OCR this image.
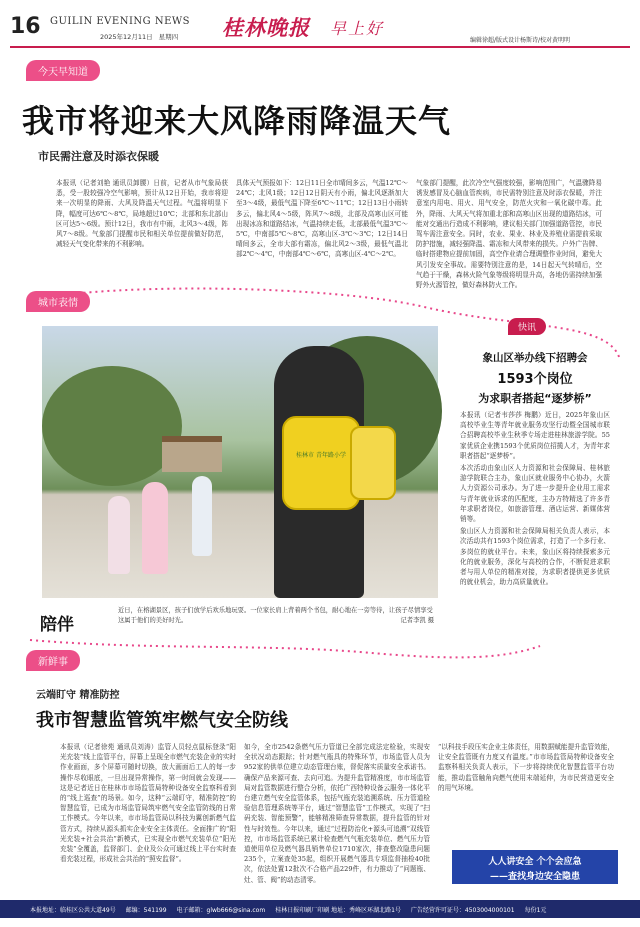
16 GUILIN EVENING NEWS
2025年12月11日 星期四 桂林晚报 早上好
编辑徐超/版式设计杨斯诗/校对黄明明
今天早知道
我市将迎来大风降雨降温天气
市民需注意及时添衣保暖
本报讯（记者刘艳 通讯员卸腰）日前，记者从市气象局获悉，受一股较强冷空气影响，预计从12日开始，我市将迎来一次明显的降雨、大风及降温天气过程。气温将明显下降，幅度可达6℃～8℃，局地超过10℃；北部和东北部山区可达5～6级。预计12日，我市有中雨，北风3～4级，阵风7～8级。气象部门提醒市民和相关单位提前做好防范，减轻天气变化带来的不利影响。
具体天气预报如下：12日11日全市晴间多云，气温12℃～24℃；北风1级；12日12日阴天有小雨，偏北风逐渐加大至3～4级，最低气温下降至6℃～11℃；12日13日小雨转多云，偏北风4～5级，阵风7～8级，北部及高寒山区可能出现冰冻和道路结冰，气温持续走低，北部最低气温3℃～5℃，中南部5℃～8℃，高寒山区-3℃～3℃；12日14日晴间多云，全市大部有霜冻，偏北风2～3级，最低气温北部2℃～4℃，中南部4℃～6℃，高寒山区-4℃～2℃。
气象部门提醒，此次冷空气强度较强，影响范围广，气温骤降易诱发感冒及心脑血管疾病，市民需特别注意及时添衣保暖，并注意室内用电、用火、用气安全，防范火灾和一氧化碳中毒。此外，降雨、大风天气将加重北部和高寒山区出现的道路结冰，可能对交通出行造成不利影响，建议相关部门加强道路管控，市民驾车需注意安全。同时，农业、果业、林业及养殖业需提前采取防护措施，减轻强降温、霜冻和大风带来的损失。户外广告牌、临时搭建物应提前加固，高空作业请合理调整作业时间，避免大风引发安全事故。需要特别注意的是，14日起天气转晴后，空气趋于干燥，森林火险气象等级将明显升高，各地仍需持续加强野外火源管控，做好森林防火工作。
城市表情
桂林市 青年路小学
陪伴
近日，在榕湖景区，孩子们放学后欢乐地玩耍。一位家长肩上背着两个书包，耐心地在一旁等待，让孩子尽情享受这属于他们的美好时光。	记者李凯 摄
快讯
象山区举办线下招聘会
1593个岗位
为求职者搭起“逐梦桥”

本报讯（记者韦莎莎 梅鹏）近日，2025年象山区高校毕业生等青年就业服务攻坚行动暨全国城市联合招聘高校毕业生秋季专场走进桂林旅游学院。55家优质企业携1593个优质岗位招揽人才，为青年求职者搭起“逐梦桥”。

本次活动由象山区人力资源和社会保障局、桂林旅游学院联合主办，象山区就业服务中心协办，火箭人力资源公司承办。为了进一步提升企业用工需求与青年就业诉求的匹配度，主办方特精选了许多青年求职者岗位，如旅游管理、酒店运营、新媒体营销等。

象山区人力资源和社会保障局相关负责人表示，本次活动共有1593个岗位需求，打造了一个多行业、多岗位的就业平台。未来，象山区将持续探索多元化的就业服务，深化与高校的合作，不断促进求职者与用人单位的精准对接，为求职者提供更多优质的就业机会，助力高质量就业。

新鲜事
云端盯守 精准防控
我市智慧监管筑牢燃气安全防线
本报讯（记者徐苑 通讯员刘涛）监管人员轻点鼠标登录“阳光充装”线上监管平台，屏幕上呈现全市燃气充装企业的实时作业画面，多个屏幕可随时切换，放大画面后工人的每一步操作尽收眼底，一旦出现异常操作，第一时间就会发现——这是记者近日在桂林市市场监管局特种设备安全监察科看到的“线上巡查”的场景。如今，这种“云端盯守，精准防控”的智慧监管，已成为市场监管局筑牢燃气安全监管防线的日常工作模式。今年以来，市市场监管局以科技为翼创新燃气监管方式，持续从源头抓实企业安全主体责任。全面推广的“阳光充装+社会共治”新模式，已实现全市燃气充装单位“阳光充装”全覆盖，监督部门、企业及公众可通过线上平台实时查看充装过程，形成社会共治的“照安监督”。
如今，全市2542条燃气压力管道已全部完成法定检验，实现安全状况动态跟踪；针对燃气瓶具的特殊环节，市场监管人员为952家的供单位建立动态管理台账，督促落实质量安全承诺书。确保产品来源可查、去向可追。为提升监管精准度，市市场监管局对监管数据进行整合分析，依托广西特种设备云服务一体化平台建立燃气安全监管体系，包括气瓶充装追溯系统、压力管道检验信息管理系统等平台，通过“智慧监管”工作模式，实现了“扫码充装、智能预警”，能够精准筛查异常数据，提升监管的针对性与时效性。今年以来，通过“过程防治化+源头可追溯”双线管控，市市场监管系统已累计检查燃气气瓶充装单位、燃气压力管道使用单位及燃气器具销售单位1710家次，排查整改隐患问题235个，立案查处35起，组织开展燃气器具专项监督抽检40批次，依法处置12批次不合格产品229件，有力推动了“问题瓶、灶、管、阀”的动态清零。
“以科技手段压实企业主体责任，用数据赋能提升监管效能，让安全监管既有力度又有温度。”市市场监管局特种设备安全监察科相关负责人表示，下一步将持续优化智慧监管平台功能，推动监管触角向燃气使用末端延伸，为市民营造更安全的用气环境。
人人讲安全 个个会应急
——查找身边安全隐患
本报地址：临桂区公共大道49号 邮编：541199 电子邮箱：glwb666@sina.com 桂林日报印刷厂印刷 地址：秀峰区环湖北路1号 广告经营许可证号：4503004000101 每份1元
